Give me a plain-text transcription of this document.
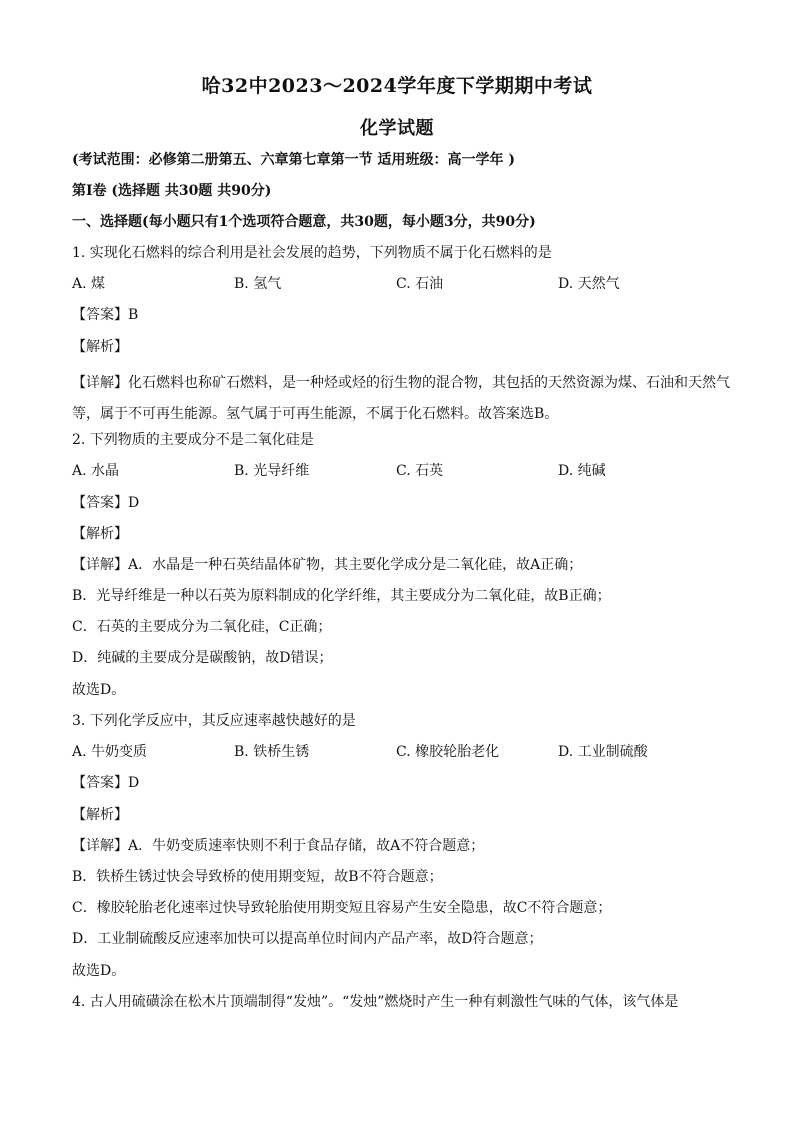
哈32中2023～2024学年度下学期期中考试
化学试题
(考试范围：必修第二册第五、六章第七章第一节 适用班级：高一学年 )
第Ⅰ卷 (选择题 共30题 共90分)
一、选择题(每小题只有1个选项符合题意，共30题，每小题3分，共90分)
1. 实现化石燃料的综合利用是社会发展的趋势，下列物质不属于化石燃料的是
A. 煤	B. 氢气	C. 石油	D. 天然气
【答案】B
【解析】
【详解】化石燃料也称矿石燃料，是一种烃或烃的衍生物的混合物，其包括的天然资源为煤、石油和天然气等，属于不可再生能源。氢气属于可再生能源，不属于化石燃料。故答案选B。
2. 下列物质的主要成分不是二氧化硅是
A. 水晶	B. 光导纤维	C. 石英	D. 纯碱
【答案】D
【解析】
【详解】A．水晶是一种石英结晶体矿物，其主要化学成分是二氧化硅，故A正确；
B．光导纤维是一种以石英为原料制成的化学纤维，其主要成分为二氧化硅，故B正确；
C．石英的主要成分为二氧化硅，C正确；
D．纯碱的主要成分是碳酸钠，故D错误；
故选D。
3. 下列化学反应中，其反应速率越快越好的是
A. 牛奶变质	B. 铁桥生锈	C. 橡胶轮胎老化	D. 工业制硫酸
【答案】D
【解析】
【详解】A．牛奶变质速率快则不利于食品存储，故A不符合题意；
B．铁桥生锈过快会导致桥的使用期变短，故B不符合题意；
C．橡胶轮胎老化速率过快导致轮胎使用期变短且容易产生安全隐患，故C不符合题意；
D．工业制硫酸反应速率加快可以提高单位时间内产品产率，故D符合题意；
故选D。
4. 古人用硫磺涂在松木片顶端制得“发烛”。“发烛”燃烧时产生一种有刺激性气味的气体，该气体是
